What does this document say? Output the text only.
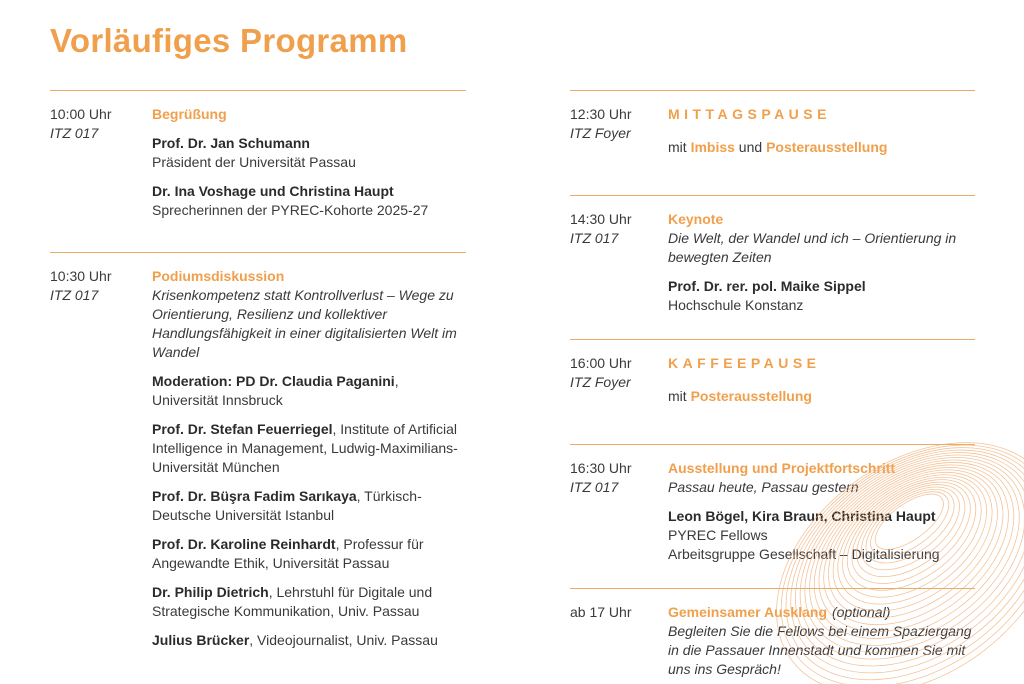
Vorläufiges Programm
10:00 Uhr
ITZ 017
Begrüßung

Prof. Dr. Jan Schumann
Präsident der Universität Passau

Dr. Ina Voshage und Christina Haupt
Sprecherinnen der PYREC-Kohorte 2025-27

10:30 Uhr
ITZ 017
Podiumsdiskussion

Krisenkompetenz statt Kontrollverlust – Wege zu Orientierung, Resilienz und kollektiver Handlungsfähigkeit in einer digitalisierten Welt im Wandel

Moderation: PD Dr. Claudia Paganini,
Universität Innsbruck

Prof. Dr. Stefan Feuerriegel, Institute of Artificial Intelligence in Management, Ludwig-Maximilians-Universität München

Prof. Dr. Büşra Fadim Sarıkaya, Türkisch-Deutsche Universität Istanbul

Prof. Dr. Karoline Reinhardt, Professur für Angewandte Ethik, Universität Passau

Dr. Philip Dietrich, Lehrstuhl für Digitale und Strategische Kommunikation, Univ. Passau

Julius Brücker, Videojournalist, Univ. Passau

12:30 Uhr
ITZ Foyer
MITTAGSPAUSE

mit Imbiss und Posterausstellung

14:30 Uhr
ITZ 017
Keynote

Die Welt, der Wandel und ich – Orientierung in bewegten Zeiten

Prof. Dr. rer. pol. Maike Sippel
Hochschule Konstanz

16:00 Uhr
ITZ Foyer
KAFFEEPAUSE

mit Posterausstellung

16:30 Uhr
ITZ 017
Ausstellung und Projektfortschritt

Passau heute, Passau gestern

Leon Bögel, Kira Braun, Christina Haupt
PYREC Fellows
Arbeitsgruppe Gesellschaft – Digitalisierung

ab 17 Uhr	Gemeinsamer Ausklang (optional)

Begleiten Sie die Fellows bei einem Spaziergang in die Passauer Innenstadt und kommen Sie mit uns ins Gespräch!
